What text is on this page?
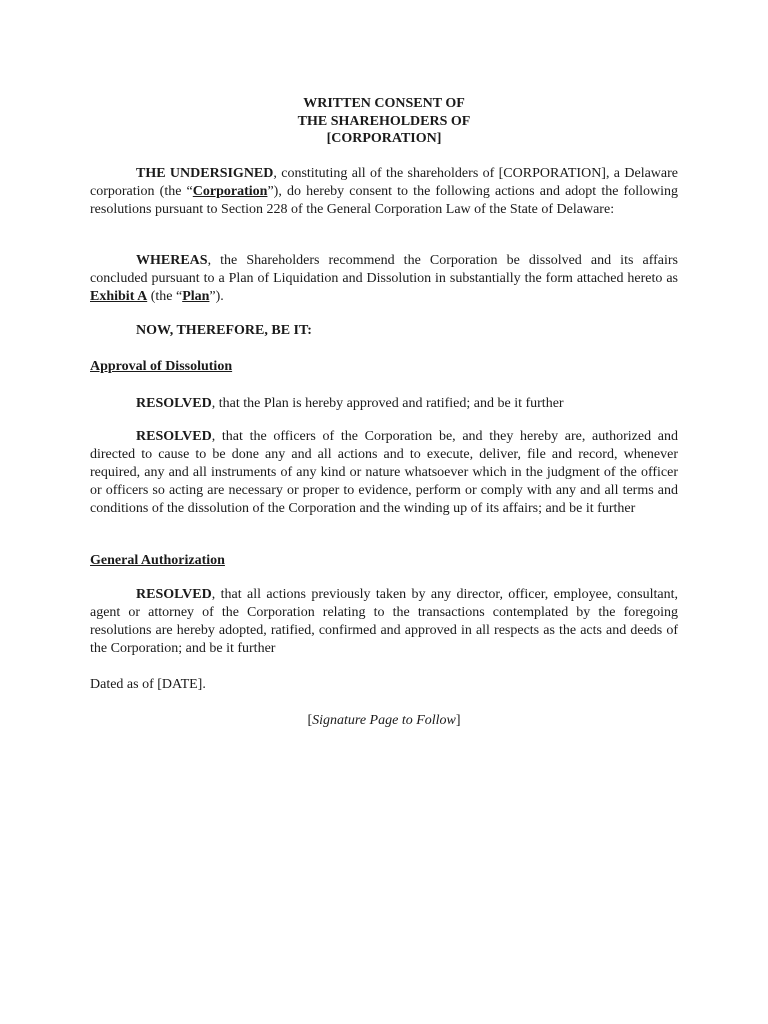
WRITTEN CONSENT OF
THE SHAREHOLDERS OF
[CORPORATION]

THE UNDERSIGNED, constituting all of the shareholders of [CORPORATION], a Delaware corporation (the “Corporation”), do hereby consent to the following actions and adopt the following resolutions pursuant to Section 228 of the General Corporation Law of the State of Delaware:

WHEREAS, the Shareholders recommend the Corporation be dissolved and its affairs concluded pursuant to a Plan of Liquidation and Dissolution in substantially the form attached hereto as Exhibit A (the “Plan”).

NOW, THEREFORE, BE IT:

Approval of Dissolution

RESOLVED, that the Plan is hereby approved and ratified; and be it further

RESOLVED, that the officers of the Corporation be, and they hereby are, authorized and directed to cause to be done any and all actions and to execute, deliver, file and record, whenever required, any and all instruments of any kind or nature whatsoever which in the judgment of the officer or officers so acting are necessary or proper to evidence, perform or comply with any and all terms and conditions of the dissolution of the Corporation and the winding up of its affairs; and be it further

General Authorization

RESOLVED, that all actions previously taken by any director, officer, employee, consultant, agent or attorney of the Corporation relating to the transactions contemplated by the foregoing resolutions are hereby adopted, ratified, confirmed and approved in all respects as the acts and deeds of the Corporation; and be it further

Dated as of [DATE].

[Signature Page to Follow]
